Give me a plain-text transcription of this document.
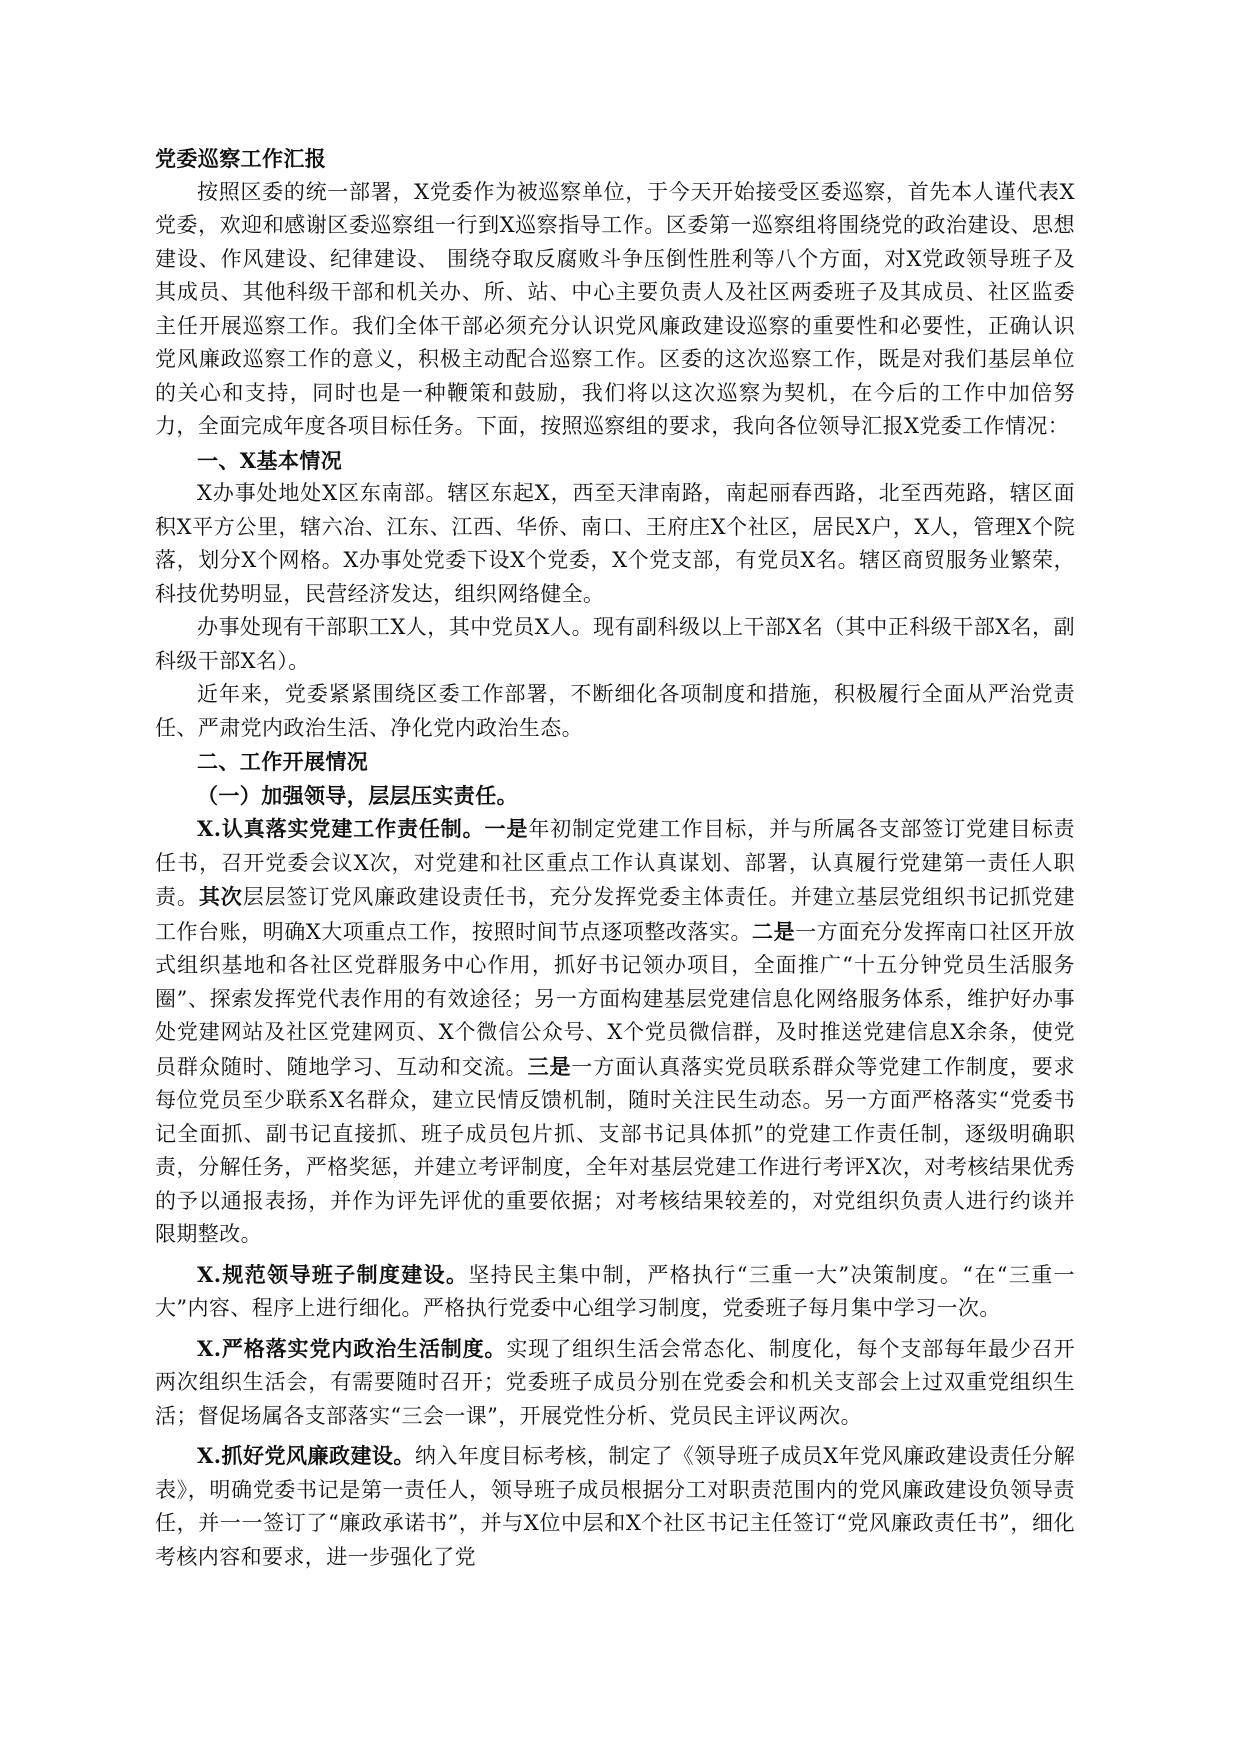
党委巡察工作汇报

按照区委的统一部署，X党委作为被巡察单位，于今天开始接受区委巡察，首先本人谨代表X党委，欢迎和感谢区委巡察组一行到X巡察指导工作。区委第一巡察组将围绕党的政治建设、思想建设、作风建设、纪律建设、 围绕夺取反腐败斗争压倒性胜利等八个方面，对X党政领导班子及其成员、其他科级干部和机关办、所、站、中心主要负责人及社区两委班子及其成员、社区监委主任开展巡察工作。我们全体干部必须充分认识党风廉政建设巡察的重要性和必要性，正确认识党风廉政巡察工作的意义，积极主动配合巡察工作。区委的这次巡察工作，既是对我们基层单位的关心和支持，同时也是一种鞭策和鼓励，我们将以这次巡察为契机，在今后的工作中加倍努力，全面完成年度各项目标任务。下面，按照巡察组的要求，我向各位领导汇报X党委工作情况：

一、X基本情况

X办事处地处X区东南部。辖区东起X，西至天津南路，南起丽春西路，北至西苑路，辖区面积X平方公里，辖六冶、江东、江西、华侨、南口、王府庄X个社区，居民X户，X人，管理X个院落，划分X个网格。X办事处党委下设X个党委，X个党支部，有党员X名。辖区商贸服务业繁荣，科技优势明显，民营经济发达，组织网络健全。

办事处现有干部职工X人，其中党员X人。现有副科级以上干部X名（其中正科级干部X名，副科级干部X名）。

近年来，党委紧紧围绕区委工作部署，不断细化各项制度和措施，积极履行全面从严治党责任、严肃党内政治生活、净化党内政治生态。

二、工作开展情况

（一）加强领导，层层压实责任。

X.认真落实党建工作责任制。一是年初制定党建工作目标，并与所属各支部签订党建目标责任书，召开党委会议X次，对党建和社区重点工作认真谋划、部署，认真履行党建第一责任人职责。其次层层签订党风廉政建设责任书，充分发挥党委主体责任。并建立基层党组织书记抓党建工作台账，明确X大项重点工作，按照时间节点逐项整改落实。二是一方面充分发挥南口社区开放式组织基地和各社区党群服务中心作用，抓好书记领办项目，全面推广“十五分钟党员生活服务圈”、探索发挥党代表作用的有效途径；另一方面构建基层党建信息化网络服务体系，维护好办事处党建网站及社区党建网页、X个微信公众号、X个党员微信群，及时推送党建信息X余条，使党员群众随时、随地学习、互动和交流。三是一方面认真落实党员联系群众等党建工作制度，要求每位党员至少联系X名群众，建立民情反馈机制，随时关注民生动态。另一方面严格落实“党委书记全面抓、副书记直接抓、班子成员包片抓、支部书记具体抓”的党建工作责任制，逐级明确职责，分解任务，严格奖惩，并建立考评制度，全年对基层党建工作进行考评X次，对考核结果优秀的予以通报表扬，并作为评先评优的重要依据；对考核结果较差的，对党组织负责人进行约谈并限期整改。

X.规范领导班子制度建设。坚持民主集中制，严格执行“三重一大”决策制度。“在“三重一大”内容、程序上进行细化。严格执行党委中心组学习制度，党委班子每月集中学习一次。

X.严格落实党内政治生活制度。实现了组织生活会常态化、制度化，每个支部每年最少召开两次组织生活会，有需要随时召开；党委班子成员分别在党委会和机关支部会上过双重党组织生活；督促场属各支部落实“三会一课”，开展党性分析、党员民主评议两次。

X.抓好党风廉政建设。纳入年度目标考核，制定了《领导班子成员X年党风廉政建设责任分解表》，明确党委书记是第一责任人，领导班子成员根据分工对职责范围内的党风廉政建设负领导责任，并一一签订了“廉政承诺书”，并与X位中层和X个社区书记主任签订“党风廉政责任书”，细化考核内容和要求，进一步强化了党
